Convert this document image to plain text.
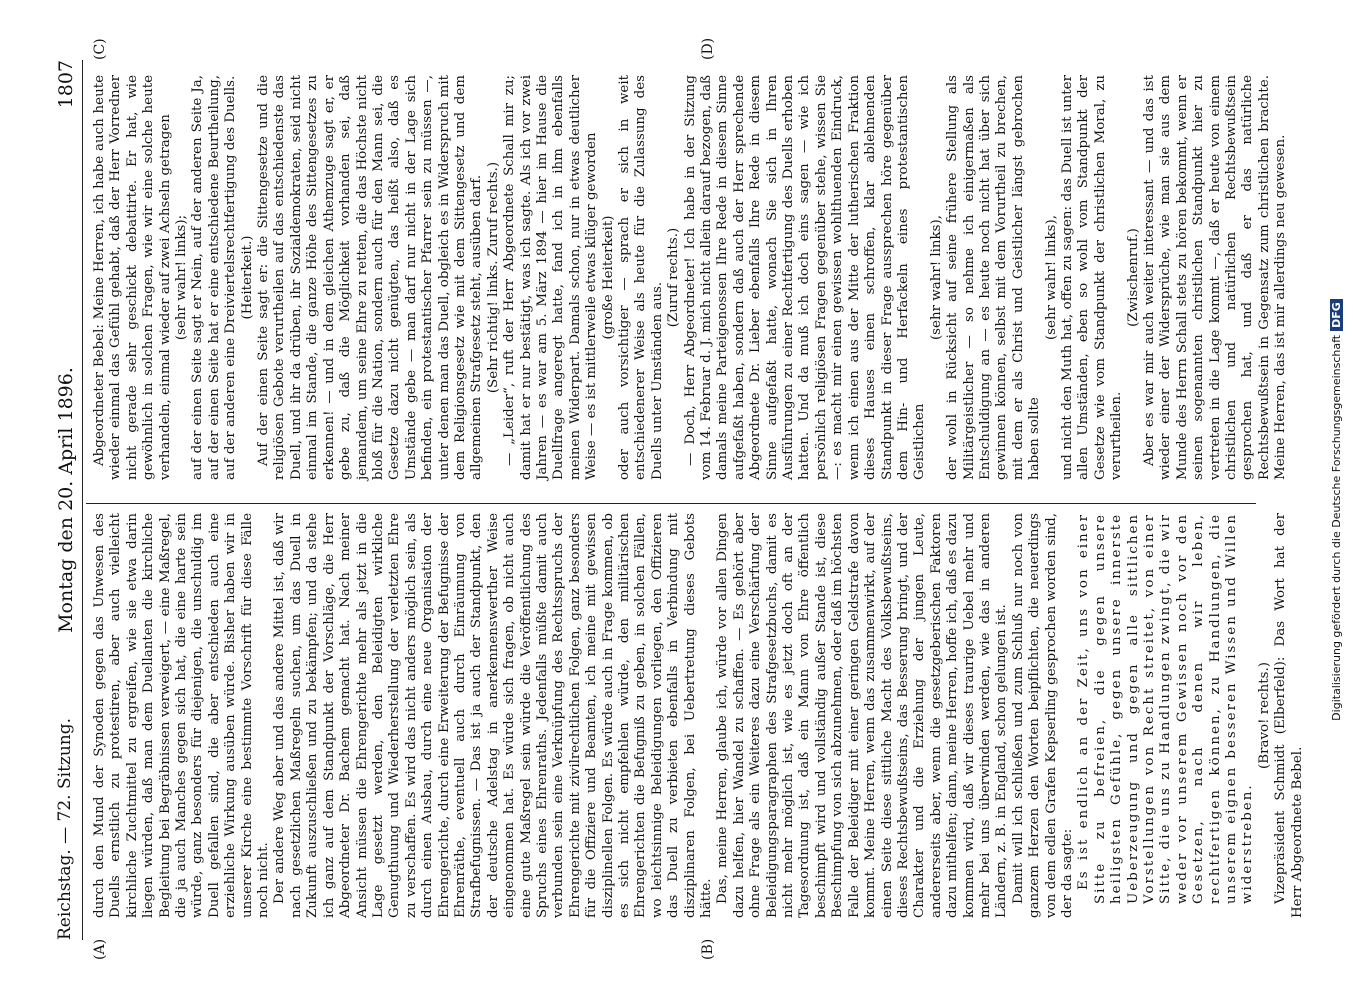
Reichstag. — 72. Sitzung.
Montag den 20. April 1896.
1807
(A)	(B)
(C)	(D)

durch den Mund der Synoden gegen das Unwesen des Duells ernstlich zu protestiren, aber auch vielleicht kirchliche Zuchtmittel zu ergreifen, wie sie etwa darin liegen würden, daß man dem Duellanten die kirchliche Begleitung bei Begräbnissen verweigert, — eine Maßregel, die ja auch Manches gegen sich hat, die eine harte sein würde, ganz besonders für diejenigen, die unschuldig im Duell gefallen sind, die aber entschieden auch eine erziehliche Wirkung ausüben würde. Bisher haben wir in unserer Kirche eine bestimmte Vorschrift für diese Fälle noch nicht. Der andere Weg aber und das andere Mittel ist, daß wir nach gesetzlichen Maßregeln suchen, um das Duell in Zukunft auszuschließen und zu bekämpfen; und da stehe ich ganz auf dem Standpunkt der Vorschläge, die Herr Abgeordneter Dr. Bachem gemacht hat. Nach meiner Ansicht müssen die Ehrengerichte mehr als jetzt in die Lage gesetzt werden, den Beleidigten wirkliche Genugthuung und Wiederherstellung der verletzten Ehre zu verschaffen. Es wird das nicht anders möglich sein, als durch einen Ausbau, durch eine neue Organisation der Ehrengerichte, durch eine Erweiterung der Befugnisse der Ehrenräthe, eventuell auch durch Einräumung von Strafbefugnissen. — Das ist ja auch der Standpunkt, den der deutsche Adelstag in anerkennenswerther Weise eingenommen hat. Es würde sich fragen, ob nicht auch eine gute Maßregel sein würde die Veröffentlichung des Spruchs eines Ehrenraths. Jedenfalls müßte damit auch verbunden sein eine Verknüpfung des Rechtsspruchs der Ehrengerichte mit zivilrechtlichen Folgen, ganz besonders für die Offiziere und Beamten, ich meine mit gewissen disziplinellen Folgen. Es würde auch in Frage kommen, ob es sich nicht empfehlen würde, den militärischen Ehrengerichten die Befugniß zu geben, in solchen Fällen, wo leichtsinnige Beleidigungen vorliegen, den Offizieren das Duell zu verbieten ebenfalls in Verbindung mit disziplinaren Folgen, bei Uebertretung dieses Gebots hätte. Das, meine Herren, glaube ich, würde vor allen Dingen dazu helfen, hier Wandel zu schaffen. — Es gehört aber ohne Frage als ein Weiteres dazu eine Verschärfung der Beleidigungsparagraphen des Strafgesetzbuchs, damit es nicht mehr möglich ist, wie es jetzt doch oft an der Tagesordnung ist, daß ein Mann von Ehre öffentlich beschimpft wird und vollständig außer Stande ist, diese Beschimpfung von sich abzunehmen, oder daß im höchsten Falle der Beleidiger mit einer geringen Geldstrafe davon kommt. Meine Herren, wenn das zusammenwirkt, auf der einen Seite diese sittliche Macht des Volksbewußtseins, dieses Rechtsbewußtseins, das Besserung bringt, und der Charakter und die Erziehung der jungen Leute, andererseits aber, wenn die gesetzgeberischen Faktoren dazu mithelfen; dann, meine Herren, hoffe ich, daß es dazu kommen wird, daß wir dieses traurige Uebel mehr und mehr bei uns überwinden werden, wie das in anderen Ländern, z. B. in England, schon gelungen ist. Damit will ich schließen und zum Schluß nur noch von ganzem Herzen den Worten beipflichten, die neuerdings von dem edlen Grafen Kepserling gesprochen worden sind, der da sagte: Es ist endlich an der Zeit, uns von einer Sitte zu befreien, die gegen unsere heiligsten Gefühle, gegen unsere innerste Ueberzeugung und gegen alle sittlichen Vorstellungen von Recht streitet, von einer Sitte, die uns zu Handlungen zwingt, die wir weder vor unserem Gewissen noch vor den Gesetzen, nach denen wir leben, rechtfertigen können, zu Handlungen, die unserem eignen besseren Wissen und Willen widerstreben.

(Bravo! rechts.) Vizepräsident Schmidt (Elberfeld): Das Wort hat der Herr Abgeordnete Bebel.

Abgeordneter Bebel: Meine Herren, ich habe auch heute wieder einmal das Gefühl gehabt, daß der Herr Vorredner nicht gerade sehr geschickt debattirte. Er hat, wie gewöhnlich in solchen Fragen, wie wir eine solche heute verhandeln, einmal wieder auf zwei Achseln getragen (sehr wahr! links); auf der einen Seite sagt er Nein, auf der anderen Seite Ja, auf der einen Seite hat er eine entschiedene Beurtheilung, auf der anderen eine Dreiviertelsrechtfertigung des Duells. (Heiterkeit.) Auf der einen Seite sagt er: die Sittengesetze und die religiösen Gebote verurtheilen auf das entschiedenste das Duell, und ihr da drüben, ihr Sozialdemokraten, seid nicht einmal im Stande, die ganze Höhe des Sittengesetzes zu erkennen! — und in dem gleichen Athemzuge sagt er, er gebe zu, daß die Möglichkeit vorhanden sei, daß jemandem, um seine Ehre zu retten, die das Höchste nicht bloß für die Nation, sondern auch für den Mann sei, die Gesetze dazu nicht genügten, das heißt also, daß es Umstände gebe — man darf nur nicht in der Lage sich befinden, ein protestantischer Pfarrer sein zu müssen —, unter denen man das Duell, obgleich es in Widerspruch mit dem Religionsgesetz wie mit dem Sittengesetz und dem allgemeinen Strafgesetz steht, ausüben darf. (Sehr richtig! links. Zuruf rechts.) — „Leider“, ruft der Herr Abgeordnete Schall mir zu; damit hat er nur bestätigt, was ich sagte. Als ich vor zwei Jahren — es war am 5. März 1894 — hier im Hause die Duellfrage angeregt hatte, fand ich in ihm ebenfalls meinen Widerpart. Damals schon, nur in etwas deutlicher Weise — es ist mittlerweile etwas klüger geworden (große Heiterkeit) oder auch vorsichtiger — sprach er sich in weit entschiedenerer Weise als heute für die Zulassung des Duells unter Umständen aus.

(Zuruf rechts.) — Doch, Herr Abgeordneter! Ich habe in der Sitzung vom 14. Februar d. J. mich nicht allein darauf bezogen, daß damals meine Parteigenossen Ihre Rede in diesem Sinne aufgefaßt haben, sondern daß auch der Herr sprechende Abgeordnete Dr. Lieber ebenfalls Ihre Rede in diesem Sinne aufgefaßt hatte, wonach Sie sich in Ihren Ausführungen zu einer Rechtfertigung des Duells erhoben hatten. Und da muß ich doch eins sagen — wie ich persönlich religiösen Fragen gegenüber stehe, wissen Sie —: es macht mir einen gewissen wohlthuenden Eindruck, wenn ich einen aus der Mitte der lutherischen Fraktion dieses Hauses einen schroffen, klar ablehnenden Standpunkt in dieser Frage aussprechen höre gegenüber dem Hin- und Herfackeln eines protestantischen Geistlichen

(sehr wahr! links), der wohl in Rücksicht auf seine frühere Stellung als Militärgeistlicher — so nehme ich einigermaßen als Entschuldigung an — es heute noch nicht hat über sich gewinnen können, selbst mit dem Vorurtheil zu brechen, mit dem er als Christ und Geistlicher längst gebrochen haben sollte

(sehr wahr! links), und nicht den Muth hat, offen zu sagen: das Duell ist unter allen Umständen, eben so wohl vom Standpunkt der Gesetze wie vom Standpunkt der christlichen Moral, zu verurtheilen.

(Zwischenruf.) Aber es war mir auch weiter interessant — und das ist wieder einer der Widersprüche, wie man sie aus dem Munde des Herrn Schall stets zu hören bekommt, wenn er seinen sogenannten christlichen Standpunkt hier zu vertreten in die Lage kommt —, daß er heute von einem christlichen und natürlichen Rechtsbewußtsein gesprochen hat, und daß er das natürliche Rechtsbewußtsein in Gegensatz zum christlichen brachte. Meine Herren, das ist mir allerdings neu gewesen.

Digitalisierung gefördert durch die Deutsche ForschungsgemeinschaftDFG
